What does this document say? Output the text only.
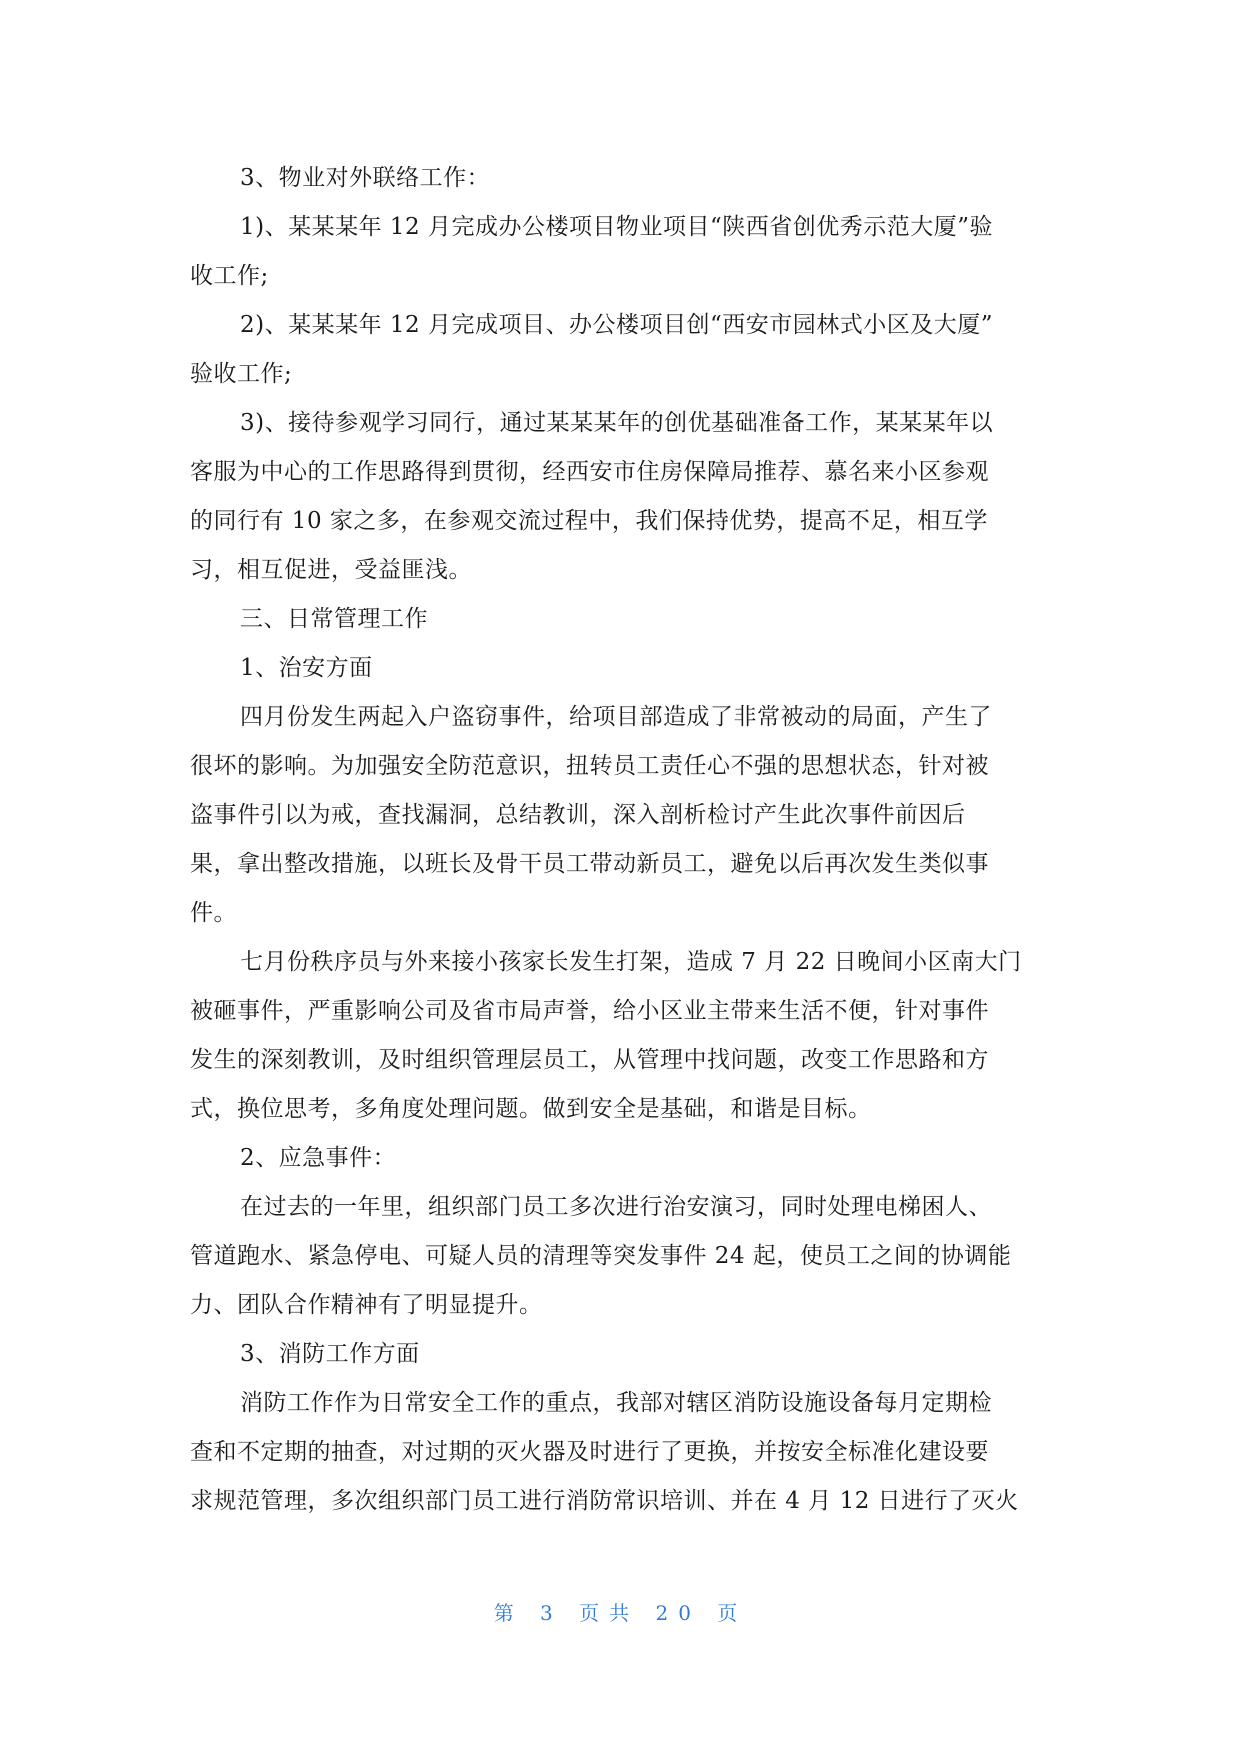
3、物业对外联络工作：

1)、某某某年 12 月完成办公楼项目物业项目“陕西省创优秀示范大厦”验
收工作;

2)、某某某年 12 月完成项目、办公楼项目创“西安市园林式小区及大厦”
验收工作;

3)、接待参观学习同行，通过某某某年的创优基础准备工作，某某某年以
客服为中心的工作思路得到贯彻，经西安市住房保障局推荐、慕名来小区参观
的同行有 10 家之多，在参观交流过程中，我们保持优势，提高不足，相互学
习，相互促进，受益匪浅。

三、日常管理工作

1、治安方面

四月份发生两起入户盗窃事件，给项目部造成了非常被动的局面，产生了
很坏的影响。为加强安全防范意识，扭转员工责任心不强的思想状态，针对被
盗事件引以为戒，查找漏洞，总结教训，深入剖析检讨产生此次事件前因后
果，拿出整改措施，以班长及骨干员工带动新员工，避免以后再次发生类似事
件。

七月份秩序员与外来接小孩家长发生打架，造成 7 月 22 日晚间小区南大门
被砸事件，严重影响公司及省市局声誉，给小区业主带来生活不便，针对事件
发生的深刻教训，及时组织管理层员工，从管理中找问题，改变工作思路和方
式，换位思考，多角度处理问题。做到安全是基础，和谐是目标。

2、应急事件：

在过去的一年里，组织部门员工多次进行治安演习，同时处理电梯困人、
管道跑水、紧急停电、可疑人员的清理等突发事件 24 起，使员工之间的协调能
力、团队合作精神有了明显提升。

3、消防工作方面

消防工作作为日常安全工作的重点，我部对辖区消防设施设备每月定期检
查和不定期的抽查，对过期的灭火器及时进行了更换，并按安全标准化建设要
求规范管理，多次组织部门员工进行消防常识培训、并在 4 月 12 日进行了灭火

第 3 页共 20 页
